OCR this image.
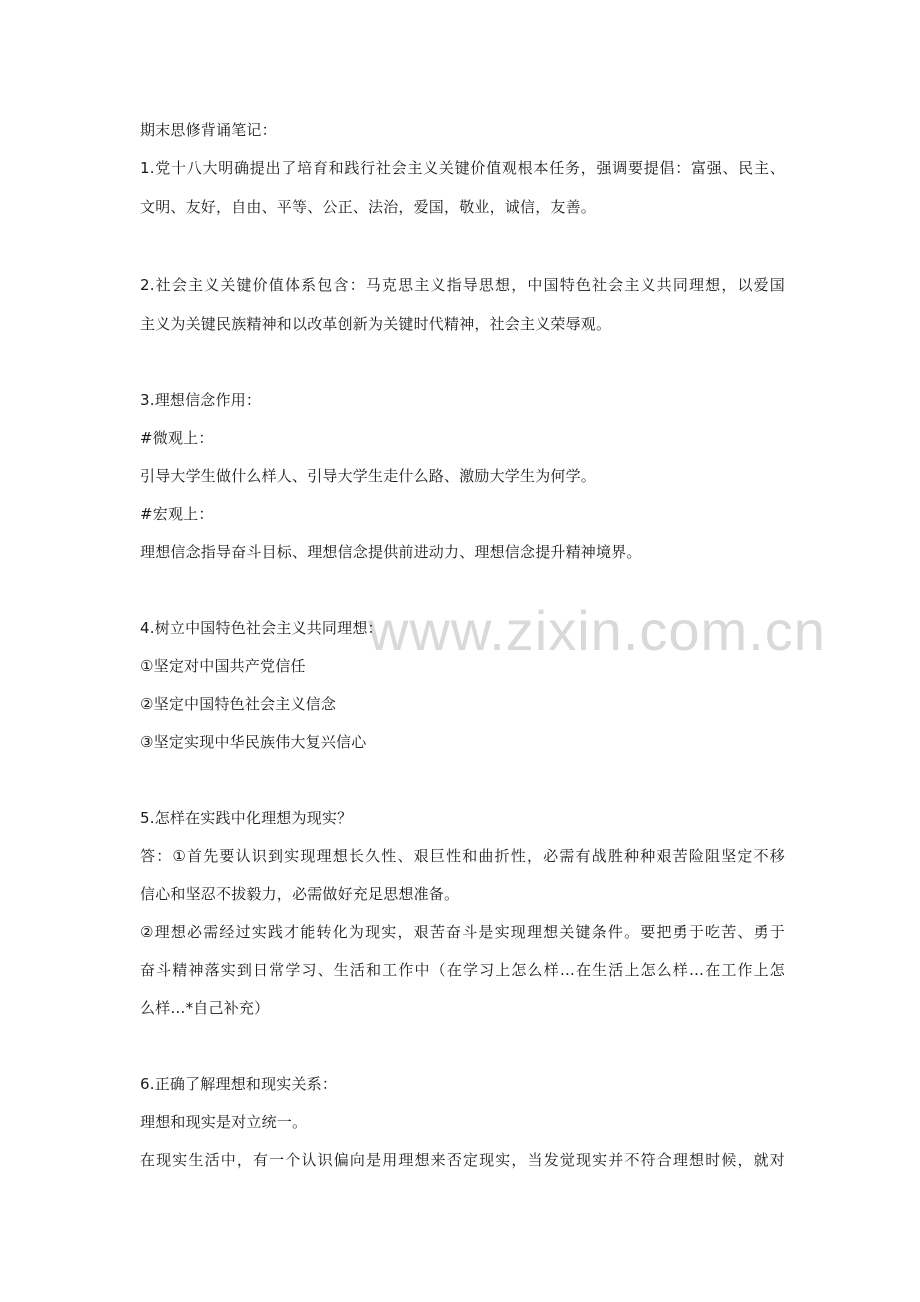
www.zixin.com.cn
期末思修背诵笔记：
1.党十八大明确提出了培育和践行社会主义关键价值观根本任务，强调要提倡：富强、民主、
文明、友好，自由、平等、公正、法治，爱国，敬业，诚信，友善。
2.社会主义关键价值体系包含：马克思主义指导思想，中国特色社会主义共同理想，以爱国
主义为关键民族精神和以改革创新为关键时代精神，社会主义荣辱观。
3.理想信念作用：
#微观上：
引导大学生做什么样人、引导大学生走什么路、激励大学生为何学。
#宏观上：
理想信念指导奋斗目标、理想信念提供前进动力、理想信念提升精神境界。
4.树立中国特色社会主义共同理想：
①坚定对中国共产党信任
②坚定中国特色社会主义信念
③坚定实现中华民族伟大复兴信心
5.怎样在实践中化理想为现实？
答：①首先要认识到实现理想长久性、艰巨性和曲折性，必需有战胜种种艰苦险阻坚定不移
信心和坚忍不拔毅力，必需做好充足思想准备。
②理想必需经过实践才能转化为现实，艰苦奋斗是实现理想关键条件。要把勇于吃苦、勇于
奋斗精神落实到日常学习、生活和工作中（在学习上怎么样…在生活上怎么样…在工作上怎
么样…*自己补充）
6.正确了解理想和现实关系：
理想和现实是对立统一。
在现实生活中，有一个认识偏向是用理想来否定现实，当发觉现实并不符合理想时候，就对
